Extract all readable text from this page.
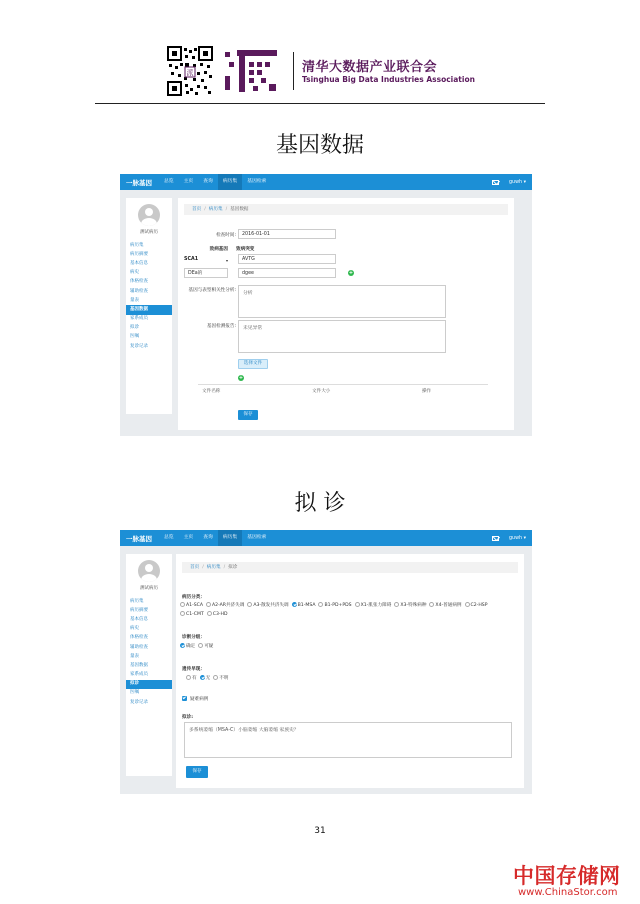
派	清华大数据产业联合会
Tsinghua Big Data Industries Association
基因数据
一脉基因	总览	主页	查询	病历集	基因检索	guwh ▾
测试病历
病历集
病历摘要
基本信息
病史
体格检查
辅助检查
量表
基因数据
家系成员
拟诊
医嘱
复诊记录
首页 / 病历集 / 基因数据
检查时间:	2016-01-01
致病基因 致病突变
SCA1	AVTG
DEa的	dgee	+
基因与表型相关性分析:
分析
基因检测报告:	未见异常
选择文件
+
文件名称	文件大小	操作
保存
拟 诊
一脉基因	总览	主页	查询	病历集	基因检索	guwh ▾
测试病历
病历集
病历摘要
基本信息
病史
体格检查
辅助检查
量表
基因数据
家系成员
拟诊
医嘱
复诊记录
首页 / 病历集 / 拟诊
病历分类：
A1-SCA A2-AR共济失调 A3-散发共济失调 B1-MSA B1-PD+PDS X1-肌张力障碍 X3-特殊病种 X4-普通病例 C2-HSPC1-CMT C3-HD
诊断分级：
确定 可疑
遗传早现：
有 无 不明
疑难病例
拟诊:
多系统萎缩（MSA-C）小脑萎缩 大脑萎缩 家族史？
保存
31
中国存储网
www.ChinaStor.com
